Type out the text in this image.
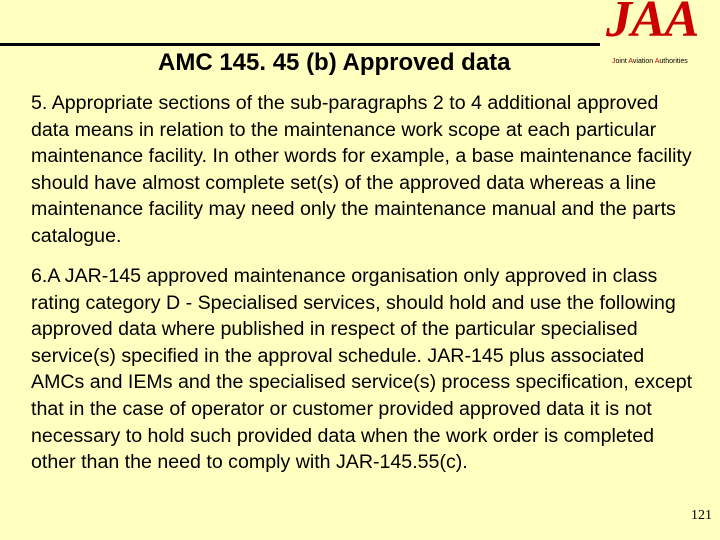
AMC 145. 45 (b) Approved data
JAA
Joint Aviation Authorities
5. Appropriate sections of the sub-paragraphs 2 to 4 additional approved data means in relation to the maintenance work scope at each particular maintenance facility. In other words for example, a base maintenance facility should have almost complete set(s) of the approved data whereas a line maintenance facility may need only the maintenance manual and the parts catalogue.
6.A JAR-145 approved maintenance organisation only approved in class rating category D - Specialised services, should hold and use the following approved data where published in respect of the particular specialised service(s) specified in the approval schedule. JAR-145 plus associated AMCs and IEMs and the specialised service(s) process specification, except that in the case of operator or customer provided approved data it is not necessary to hold such provided data when the work order is completed other than the need to comply with JAR-145.55(c).
121
